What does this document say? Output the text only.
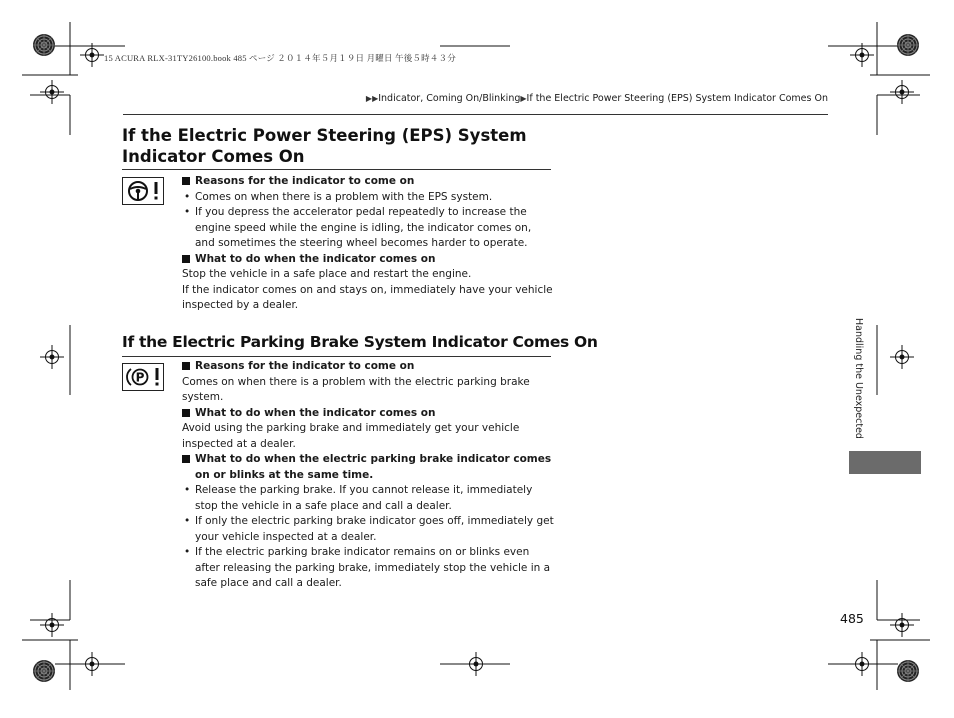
15 ACURA RLX-31TY26100.book 485 ページ ２０１４年５月１９日 月曜日 午後５時４３分
▶▶Indicator, Coming On/Blinking▶If the Electric Power Steering (EPS) System Indicator Comes On
If the Electric Power Steering (EPS) System Indicator Comes On
Reasons for the indicator to come on
• Comes on when there is a problem with the EPS system.
• If you depress the accelerator pedal repeatedly to increase the engine speed while the engine is idling, the indicator comes on, and sometimes the steering wheel becomes harder to operate.
What to do when the indicator comes on
Stop the vehicle in a safe place and restart the engine.
If the indicator comes on and stays on, immediately have your vehicle inspected by a dealer.
If the Electric Parking Brake System Indicator Comes On
P
Reasons for the indicator to come on
Comes on when there is a problem with the electric parking brake system.
What to do when the indicator comes on
Avoid using the parking brake and immediately get your vehicle inspected at a dealer.
What to do when the electric parking brake indicator comes on or blinks at the same time.
• Release the parking brake. If you cannot release it, immediately stop the vehicle in a safe place and call a dealer.
• If only the electric parking brake indicator goes off, immediately get your vehicle inspected at a dealer.
• If the electric parking brake indicator remains on or blinks even after releasing the parking brake, immediately stop the vehicle in a safe place and call a dealer.
Handling the Unexpected
485
